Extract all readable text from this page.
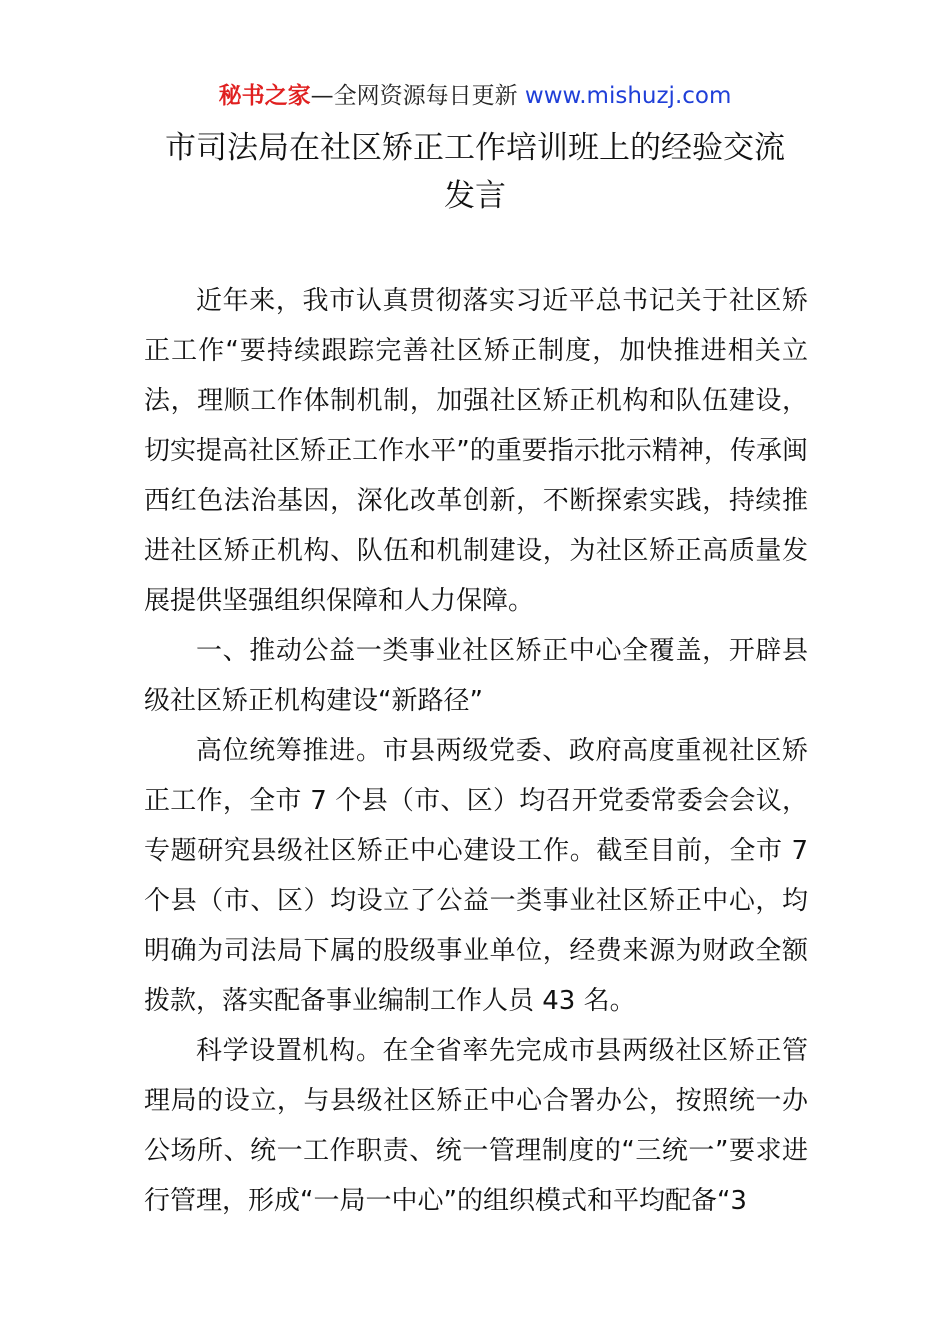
秘书之家—全网资源每日更新 www.mishuzj.com
市司法局在社区矫正工作培训班上的经验交流
发言

近年来，我市认真贯彻落实习近平总书记关于社区矫正工作“要持续跟踪完善社区矫正制度，加快推进相关立法，理顺工作体制机制，加强社区矫正机构和队伍建设，切实提高社区矫正工作水平”的重要指示批示精神，传承闽西红色法治基因，深化改革创新，不断探索实践，持续推进社区矫正机构、队伍和机制建设，为社区矫正高质量发展提供坚强组织保障和人力保障。

一、推动公益一类事业社区矫正中心全覆盖，开辟县级社区矫正机构建设“新路径”

高位统筹推进。市县两级党委、政府高度重视社区矫正工作，全市 7 个县（市、区）均召开党委常委会会议，专题研究县级社区矫正中心建设工作。截至目前，全市 7 个县（市、区）均设立了公益一类事业社区矫正中心，均明确为司法局下属的股级事业单位，经费来源为财政全额拨款，落实配备事业编制工作人员 43 名。

科学设置机构。在全省率先完成市县两级社区矫正管理局的设立，与县级社区矫正中心合署办公，按照统一办公场所、统一工作职责、统一管理制度的“三统一”要求进行管理，形成“一局一中心”的组织模式和平均配备“3
